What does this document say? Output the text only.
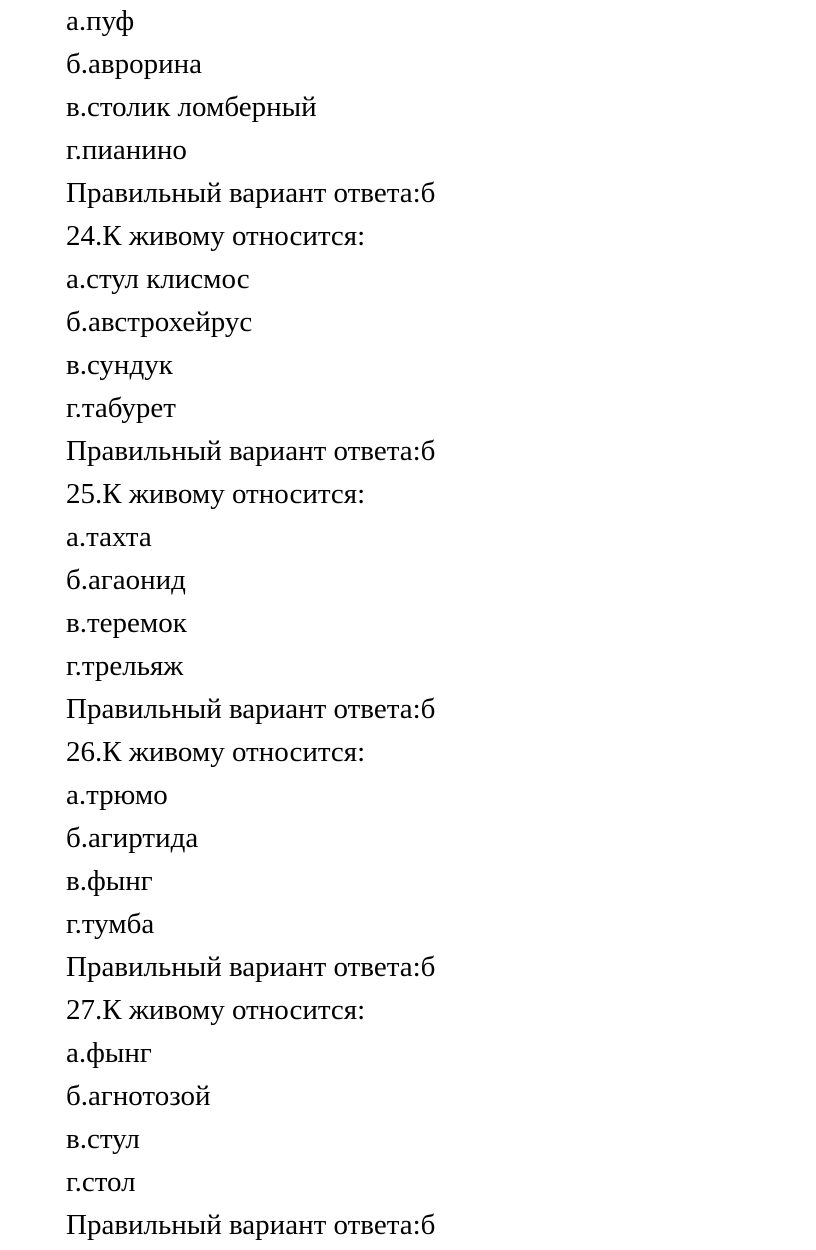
а.пуф
б.аврорина
в.столик ломберный
г.пианино
Правильный вариант ответа:б
24.К живому относится:
а.стул клисмос
б.австрохейрус
в.сундук
г.табурет
Правильный вариант ответа:б
25.К живому относится:
а.тахта
б.агаонид
в.теремок
г.трельяж
Правильный вариант ответа:б
26.К живому относится:
а.трюмо
б.агиртида
в.фынг
г.тумба
Правильный вариант ответа:б
27.К живому относится:
а.фынг
б.агнотозой
в.стул
г.стол
Правильный вариант ответа:б
